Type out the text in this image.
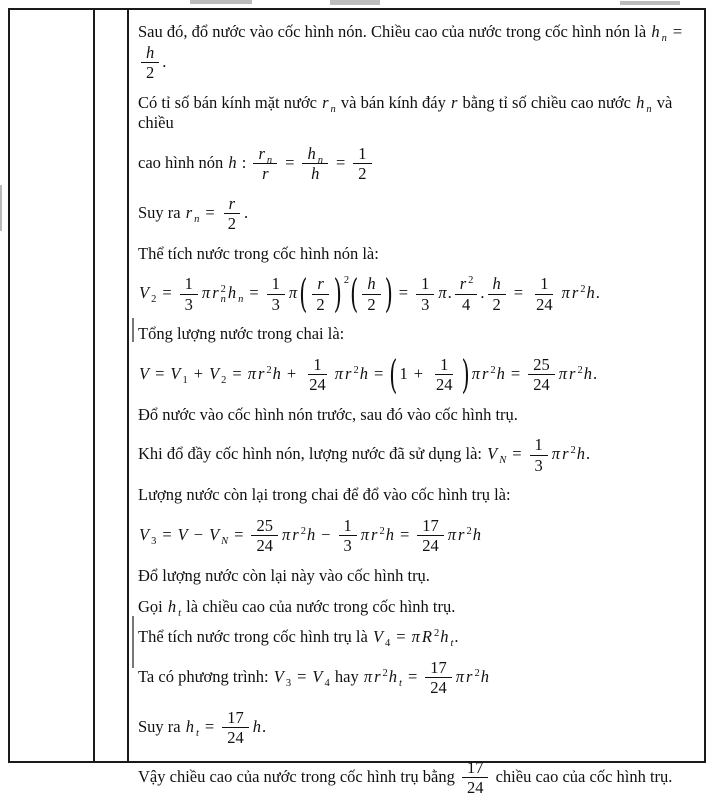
Sau đó, đổ nước vào cốc hình nón. Chiều cao của nước trong cốc hình nón là h $_n$ =
$\frac{h}{2}$ .
Có tỉ số bán kính mặt nước r $_n$ và bán kính đáy r bằng tỉ số chiều cao nước h $_n$ và chiều
cao hình nón h : $\frac{r _n}{r} = \frac{h _n}{h} = \frac{1}{2}$
Suy ra r $_n = \frac{r}{2}$ .
Thể tích nước trong cốc hình nón là:
V $_2 = \frac{1}{3}$ π r 2
n h $_n = \frac{1}{3} \pi( \frac{r}{2}$ ) $^2( \frac{h}{2}$ ) = $\frac{1}{3} \pi$. $\frac{r ^2}{4}$ . $\frac{h}{2} = \frac{1}{24}$ π r $^2$h.
Tổng lượng nước trong chai là:
V = V $_1$ + V $_2$ = π r $^2h + \frac{1}{24}$ π r $^2$h = ( $1 + \frac{1}{24}$ ) π r $^2h = \frac{25}{24}$ π r $^2$h.
Đổ nước vào cốc hình nón trước, sau đó vào cốc hình trụ.
Khi đổ đầy cốc hình nón, lượng nước đã sử dụng là: V $_N = \frac{1}{3}$ π r $^2$h.
Lượng nước còn lại trong chai để đổ vào cốc hình trụ là:
V $_3$ = V − V $_N = \frac{25}{24}$ π r $^2h - \frac{1}{3}$ π r $^2h = \frac{17}{24}$ π r $^2$h
Đổ lượng nước còn lại này vào cốc hình trụ.
Gọi h $_t$ là chiều cao của nước trong cốc hình trụ.
Thể tích nước trong cốc hình trụ là V $_4$ = π R $^2$h $_t$.
Ta có phương trình: V $_3$ = V $_4$ hay π r $^2$h $_t = \frac{17}{24}$ π r $^2$h
Suy ra h $_t = \frac{17}{24} h$.
Vậy chiều cao của nước trong cốc hình trụ bằng $\frac{17}{24}$ chiều cao của cốc hình trụ.
